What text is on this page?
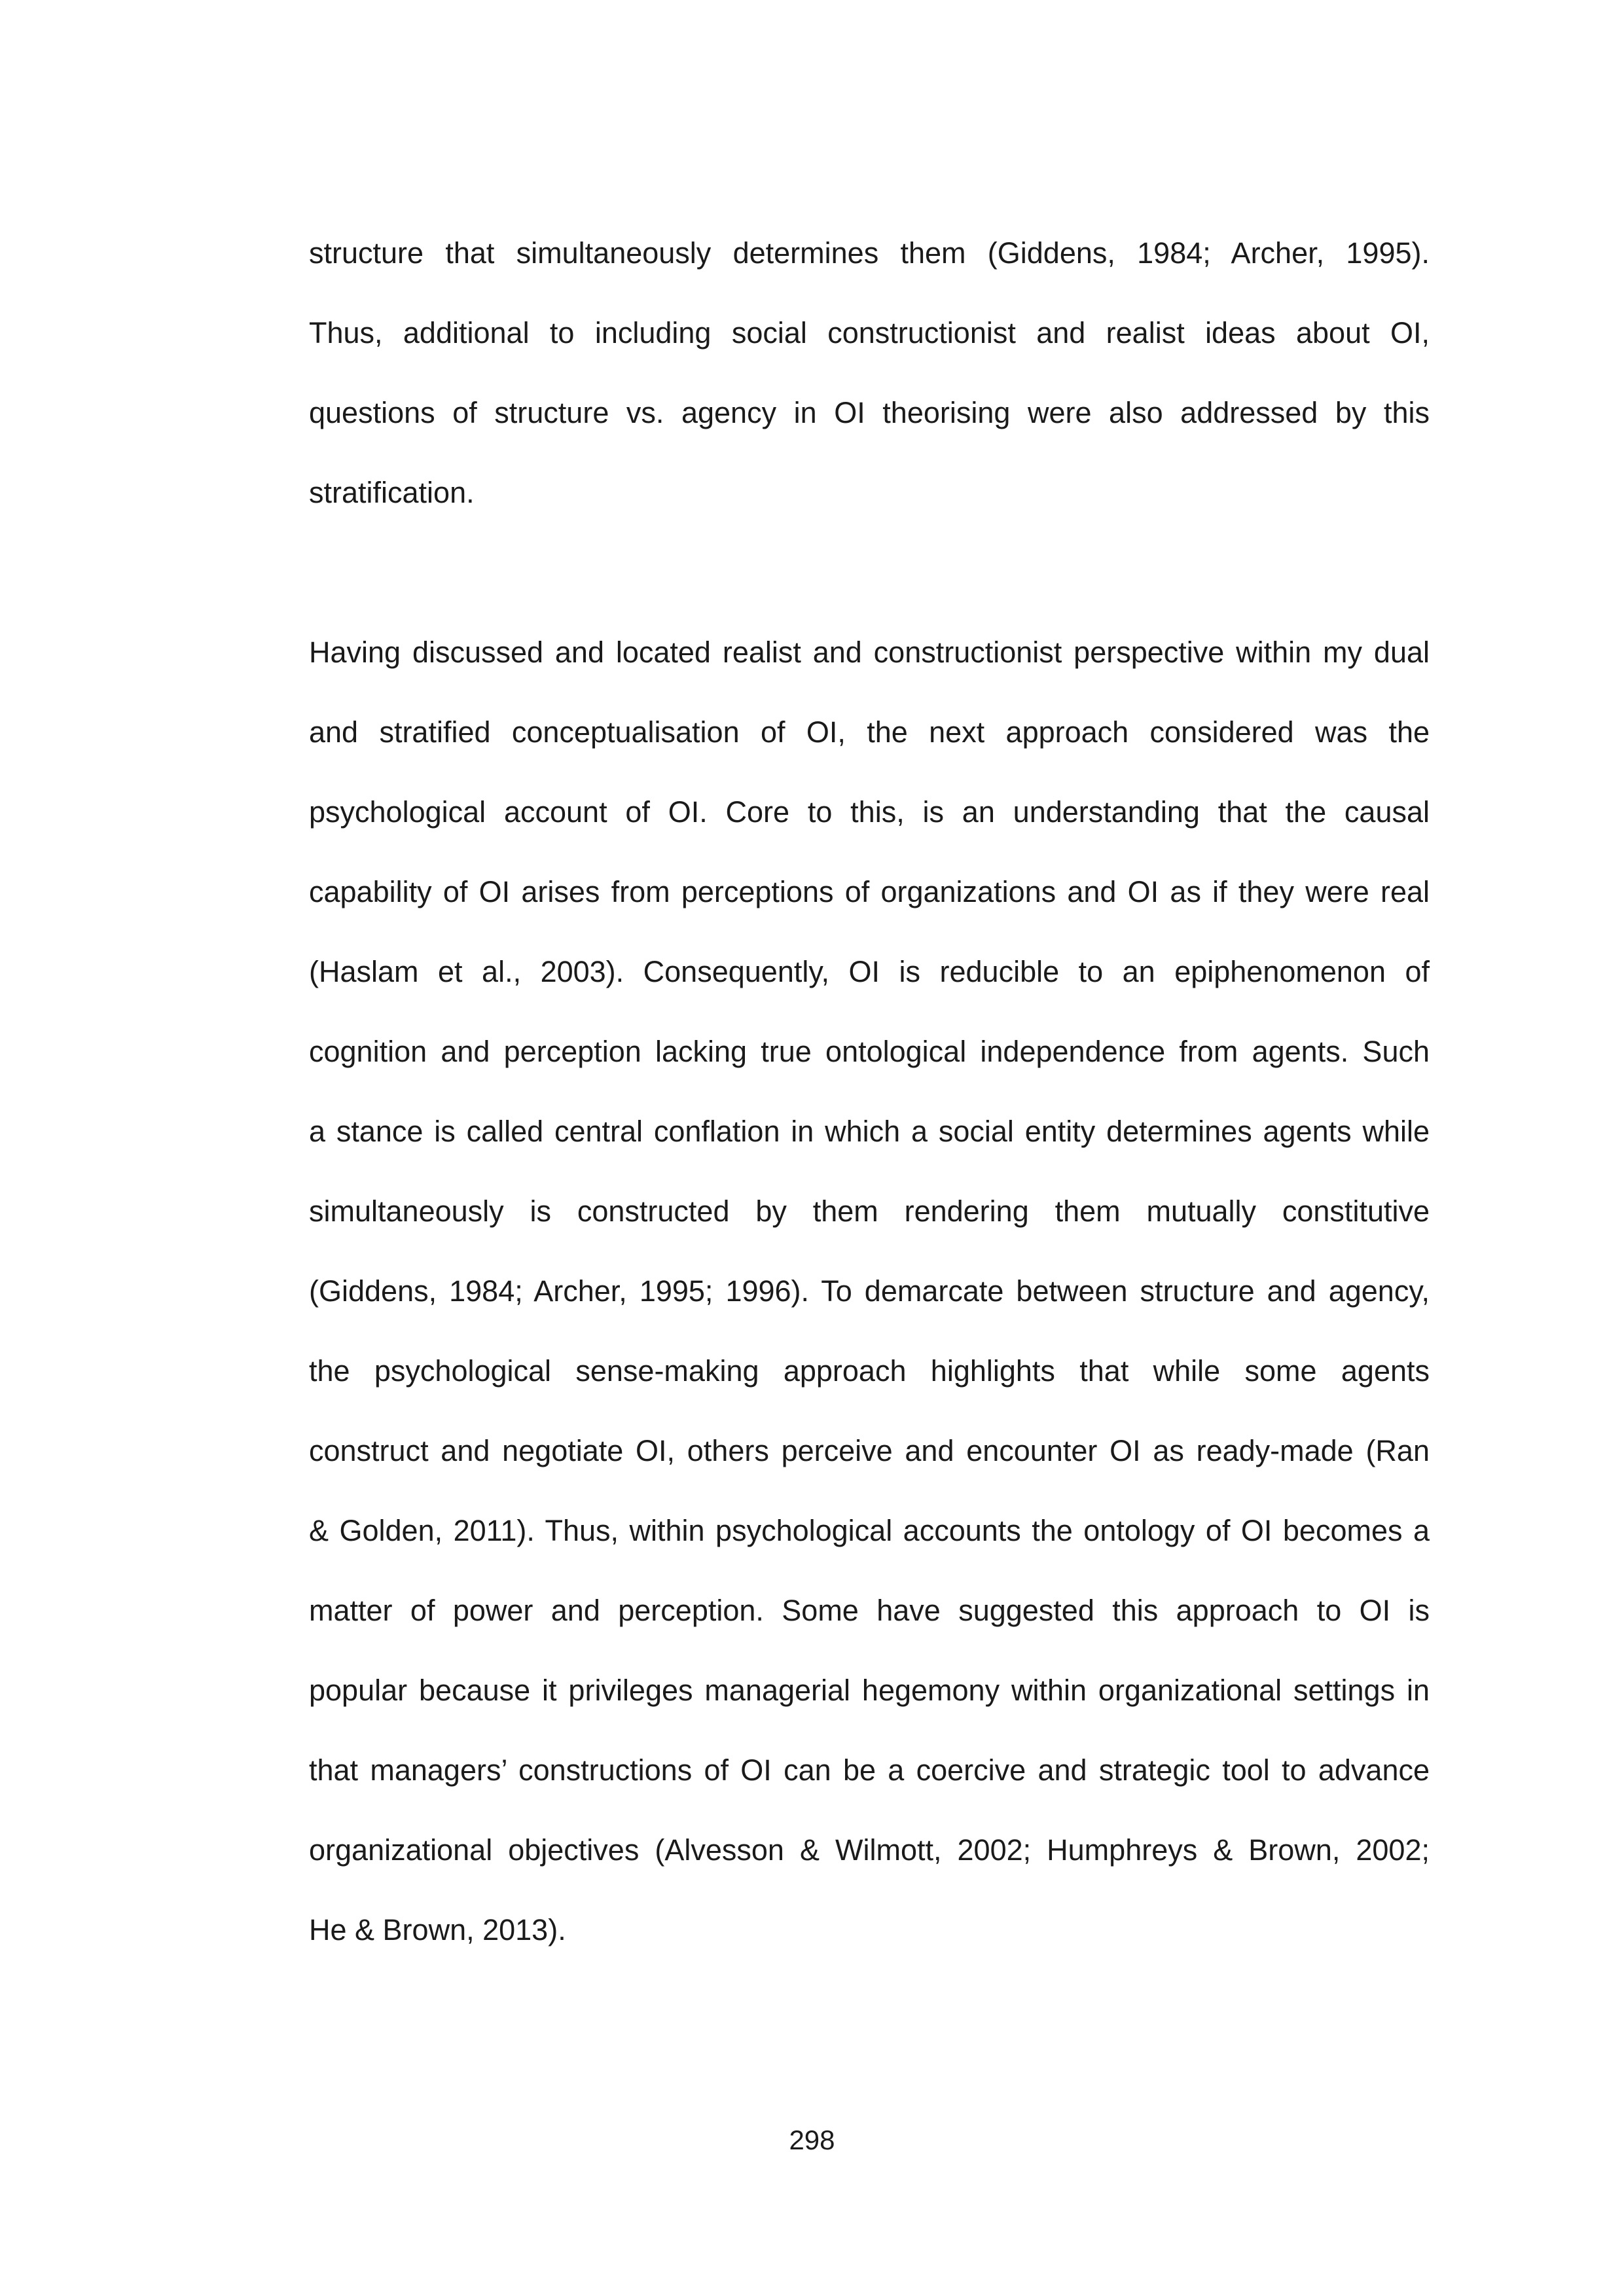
structure that simultaneously determines them (Giddens, 1984; Archer, 1995).
Thus, additional to including social constructionist and realist ideas about OI,
questions of structure vs. agency in OI theorising were also addressed by this
stratification.
Having discussed and located realist and constructionist perspective within my dual
and stratified conceptualisation of OI, the next approach considered was the
psychological account of OI. Core to this, is an understanding that the causal
capability of OI arises from perceptions of organizations and OI as if they were real
(Haslam et al., 2003). Consequently, OI is reducible to an epiphenomenon of
cognition and perception lacking true ontological independence from agents. Such
a stance is called central conflation in which a social entity determines agents while
simultaneously is constructed by them rendering them mutually constitutive
(Giddens, 1984; Archer, 1995; 1996). To demarcate between structure and agency,
the psychological sense-making approach highlights that while some agents
construct and negotiate OI, others perceive and encounter OI as ready-made (Ran
& Golden, 2011). Thus, within psychological accounts the ontology of OI becomes a
matter of power and perception. Some have suggested this approach to OI is
popular because it privileges managerial hegemony within organizational settings in
that managers’ constructions of OI can be a coercive and strategic tool to advance
organizational objectives (Alvesson & Wilmott, 2002; Humphreys & Brown, 2002;
He & Brown, 2013).
298
